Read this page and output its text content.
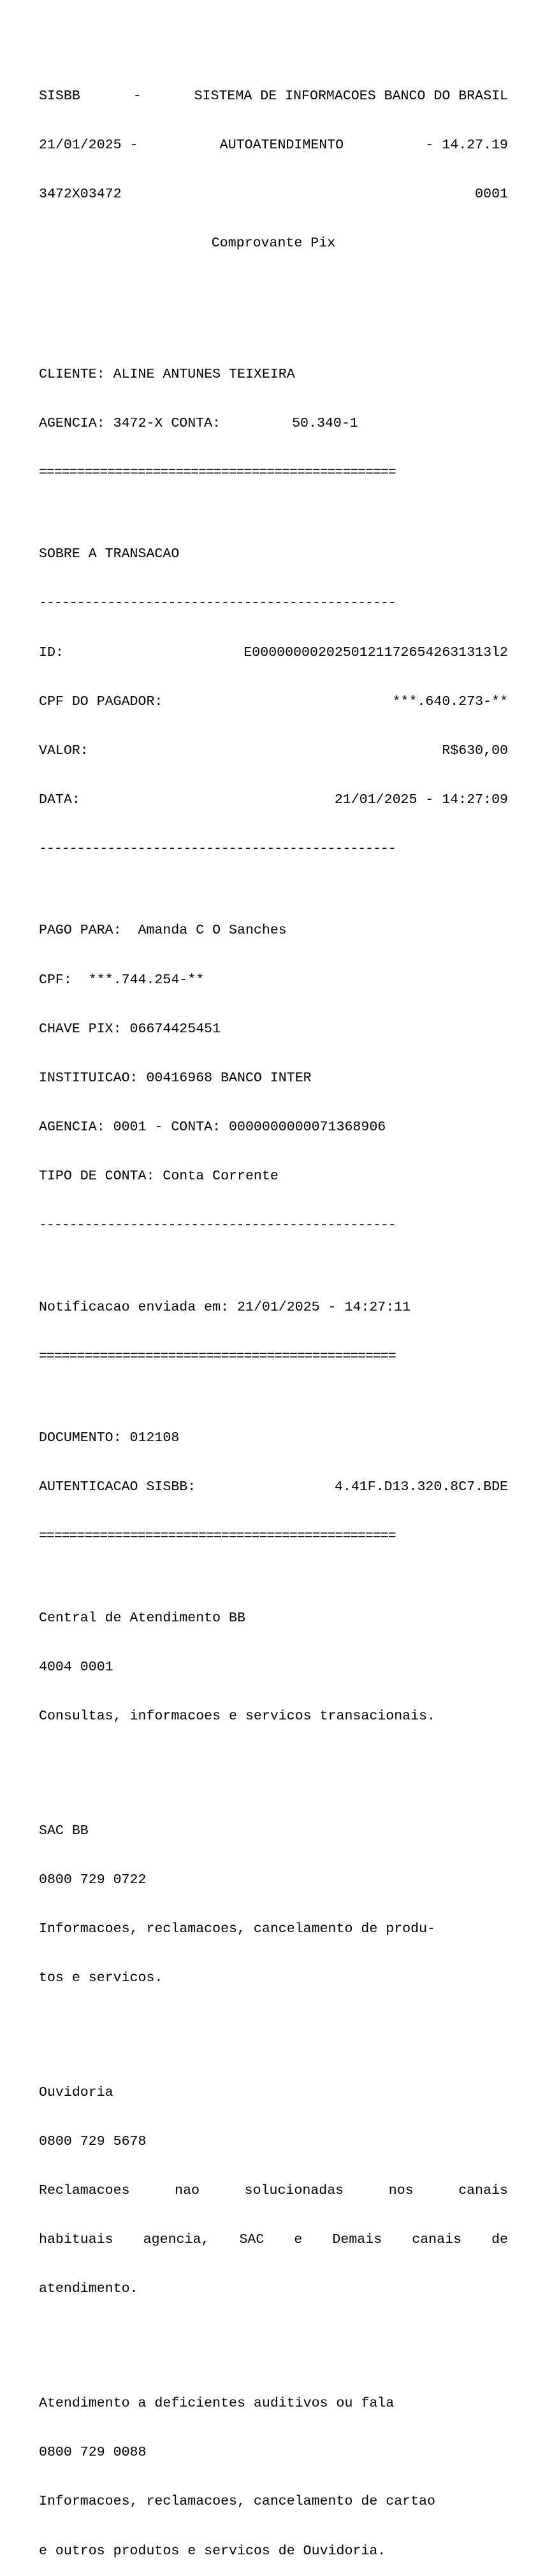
SISBB	-	SISTEMA DE INFORMACOES BANCO DO BRASIL

21/01/2025 -	AUTOATENDIMENTO	- 14.27.19

3472X03472	0001

Comprovante Pix

CLIENTE: ALINE ANTUNES TEIXEIRA

AGENCIA: 3472-X CONTA:	50.340-1

===============================================

SOBRE A TRANSACAO

-----------------------------------------------

ID:	E00000000202501211726542631313l2

CPF DO PAGADOR:	***.640.273-**

VALOR:	R$630,00

DATA:	21/01/2025 - 14:27:09

-----------------------------------------------

PAGO PARA:  Amanda C O Sanches

CPF:  ***.744.254-**

CHAVE PIX: 06674425451

INSTITUICAO: 00416968 BANCO INTER

AGENCIA: 0001 - CONTA: 0000000000071368906

TIPO DE CONTA: Conta Corrente

-----------------------------------------------

Notificacao enviada em: 21/01/2025 - 14:27:11

===============================================

DOCUMENTO: 012108

AUTENTICACAO SISBB:	4.41F.D13.320.8C7.BDE

===============================================

Central de Atendimento BB

4004 0001

Consultas, informacoes e servicos transacionais.

SAC BB

0800 729 0722

Informacoes, reclamacoes, cancelamento de produ-

tos e servicos.

Ouvidoria

0800 729 5678

Reclamacoes	nao	solucionadas	nos	canais

habituais agencia, SAC e Demais canais de

atendimento.

Atendimento a deficientes auditivos ou fala

0800 729 0088

Informacoes, reclamacoes, cancelamento de cartao

e outros produtos e servicos de Ouvidoria.
